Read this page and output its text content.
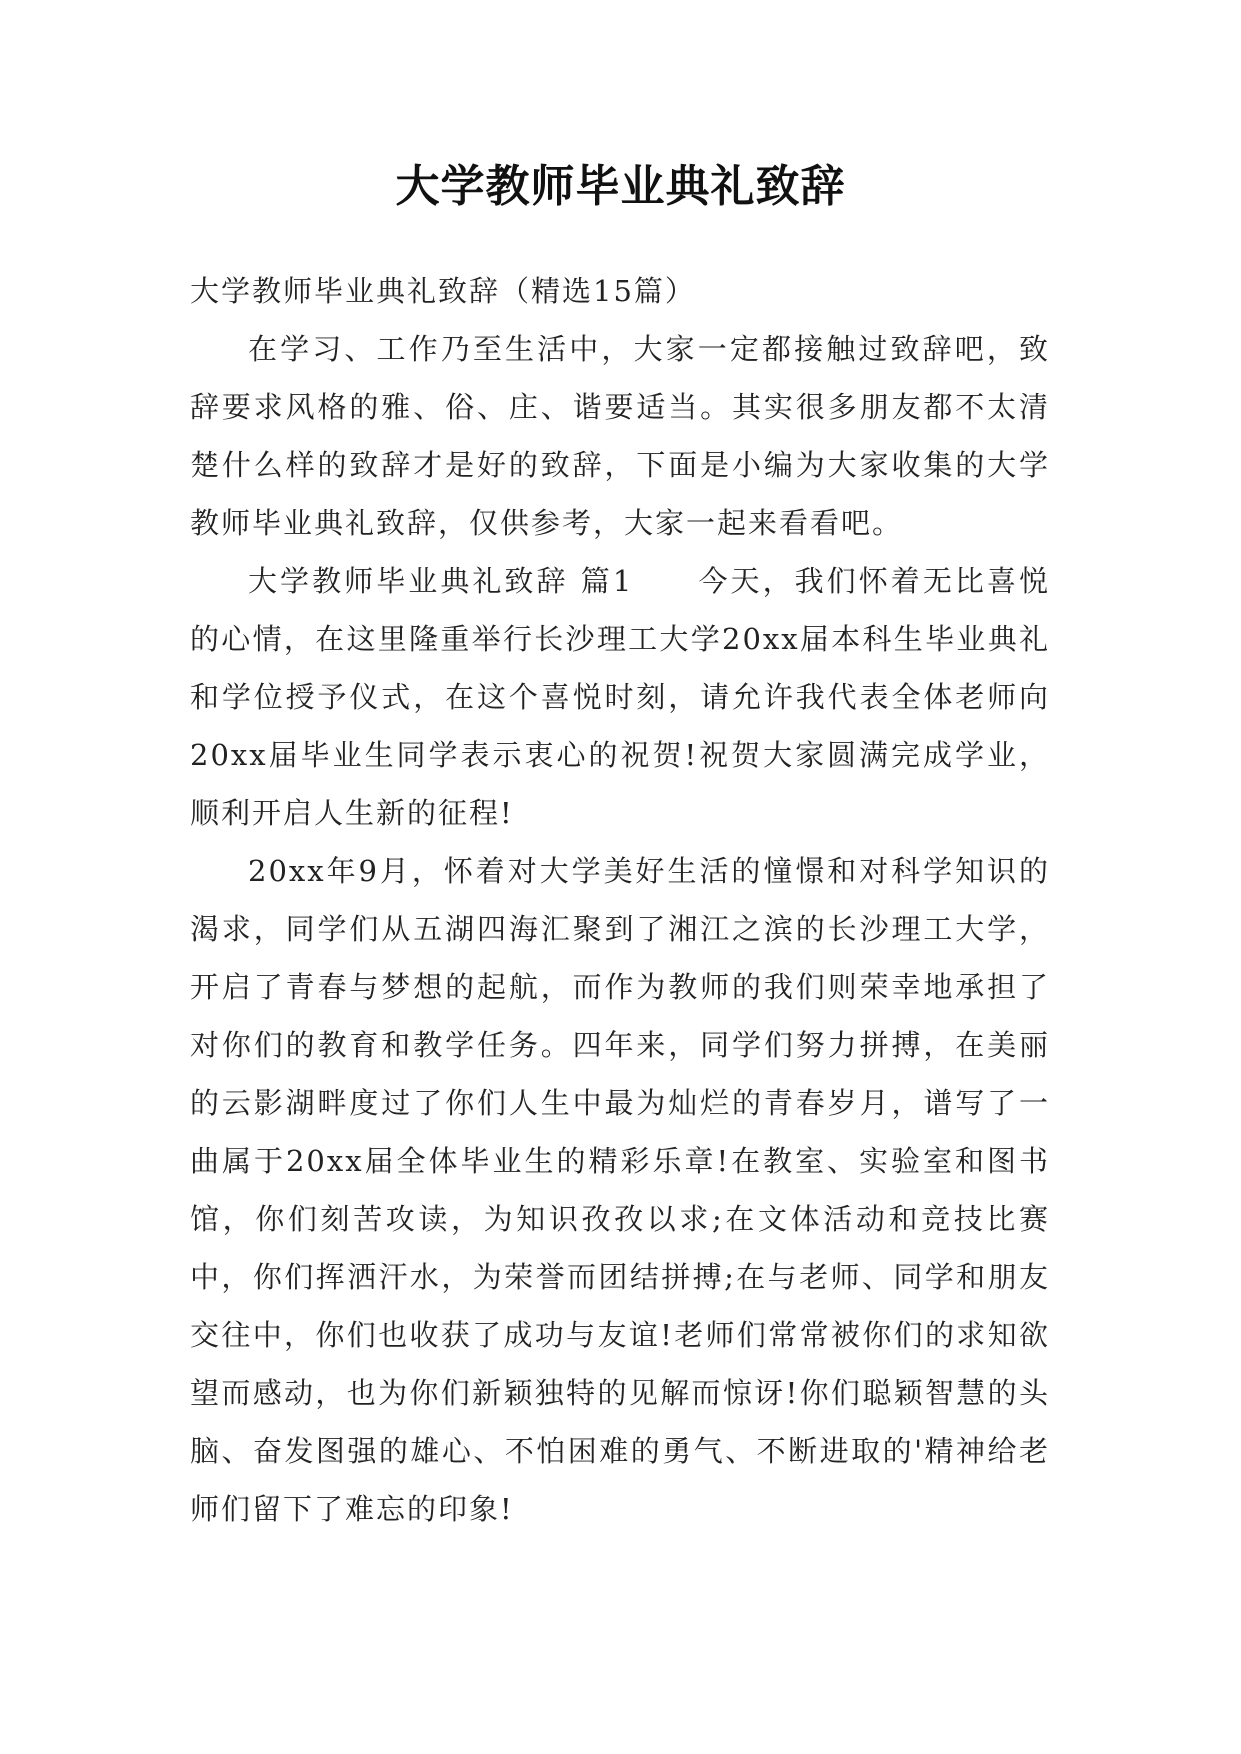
大学教师毕业典礼致辞

大学教师毕业典礼致辞（精选15篇）

在学习、工作乃至生活中，大家一定都接触过致辞吧，致辞要求风格的雅、俗、庄、谐要适当。其实很多朋友都不太清楚什么样的致辞才是好的致辞，下面是小编为大家收集的大学教师毕业典礼致辞，仅供参考，大家一起来看看吧。

大学教师毕业典礼致辞 篇1　　今天，我们怀着无比喜悦的心情，在这里隆重举行长沙理工大学20xx届本科生毕业典礼和学位授予仪式，在这个喜悦时刻，请允许我代表全体老师向20xx届毕业生同学表示衷心的祝贺!祝贺大家圆满完成学业，顺利开启人生新的征程!

20xx年9月，怀着对大学美好生活的憧憬和对科学知识的渴求，同学们从五湖四海汇聚到了湘江之滨的长沙理工大学，开启了青春与梦想的起航，而作为教师的我们则荣幸地承担了对你们的教育和教学任务。四年来，同学们努力拼搏，在美丽的云影湖畔度过了你们人生中最为灿烂的青春岁月，谱写了一曲属于20xx届全体毕业生的精彩乐章!在教室、实验室和图书馆，你们刻苦攻读，为知识孜孜以求;在文体活动和竞技比赛中，你们挥洒汗水，为荣誉而团结拼搏;在与老师、同学和朋友交往中，你们也收获了成功与友谊!老师们常常被你们的求知欲望而感动，也为你们新颖独特的见解而惊讶!你们聪颖智慧的头脑、奋发图强的雄心、不怕困难的勇气、不断进取的'精神给老师们留下了难忘的印象!
